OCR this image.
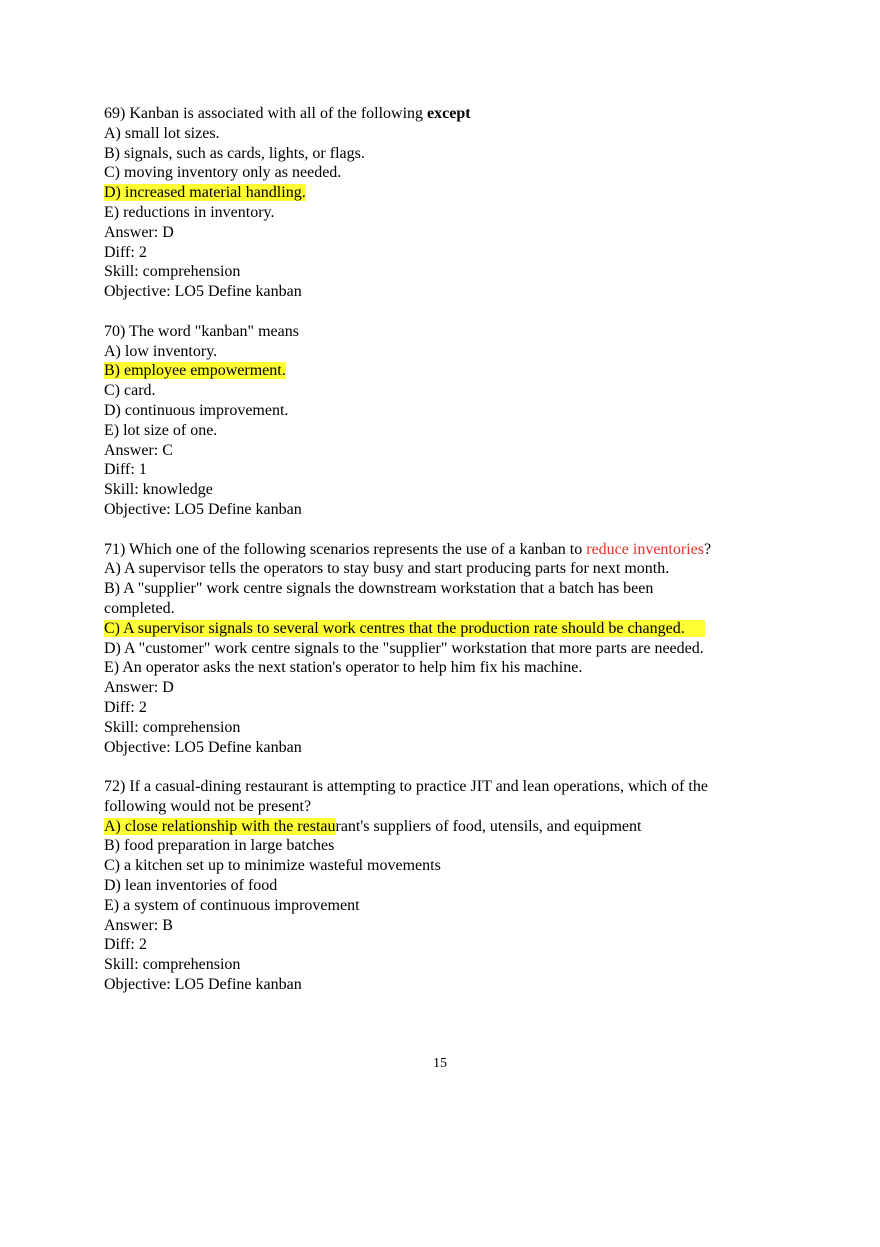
69) Kanban is associated with all of the following except

A) small lot sizes.

B) signals, such as cards, lights, or flags.

C) moving inventory only as needed.

D) increased material handling.

E) reductions in inventory.

Answer: D

Diff: 2

Skill: comprehension

Objective: LO5 Define kanban

70) The word "kanban" means

A) low inventory.

B) employee empowerment.

C) card.

D) continuous improvement.

E) lot size of one.

Answer: C

Diff: 1

Skill: knowledge

Objective: LO5 Define kanban

71) Which one of the following scenarios represents the use of a kanban to reduce inventories?

A) A supervisor tells the operators to stay busy and start producing parts for next month.

B) A "supplier" work centre signals the downstream workstation that a batch has been

completed.

C) A supervisor signals to several work centres that the production rate should be changed.

D) A "customer" work centre signals to the "supplier" workstation that more parts are needed.

E) An operator asks the next station's operator to help him fix his machine.

Answer: D

Diff: 2

Skill: comprehension

Objective: LO5 Define kanban

72) If a casual-dining restaurant is attempting to practice JIT and lean operations, which of the

following would not be present?

A) close relationship with the restaurant's suppliers of food, utensils, and equipment

B) food preparation in large batches

C) a kitchen set up to minimize wasteful movements

D) lean inventories of food

E) a system of continuous improvement

Answer: B

Diff: 2

Skill: comprehension

Objective: LO5 Define kanban

15
